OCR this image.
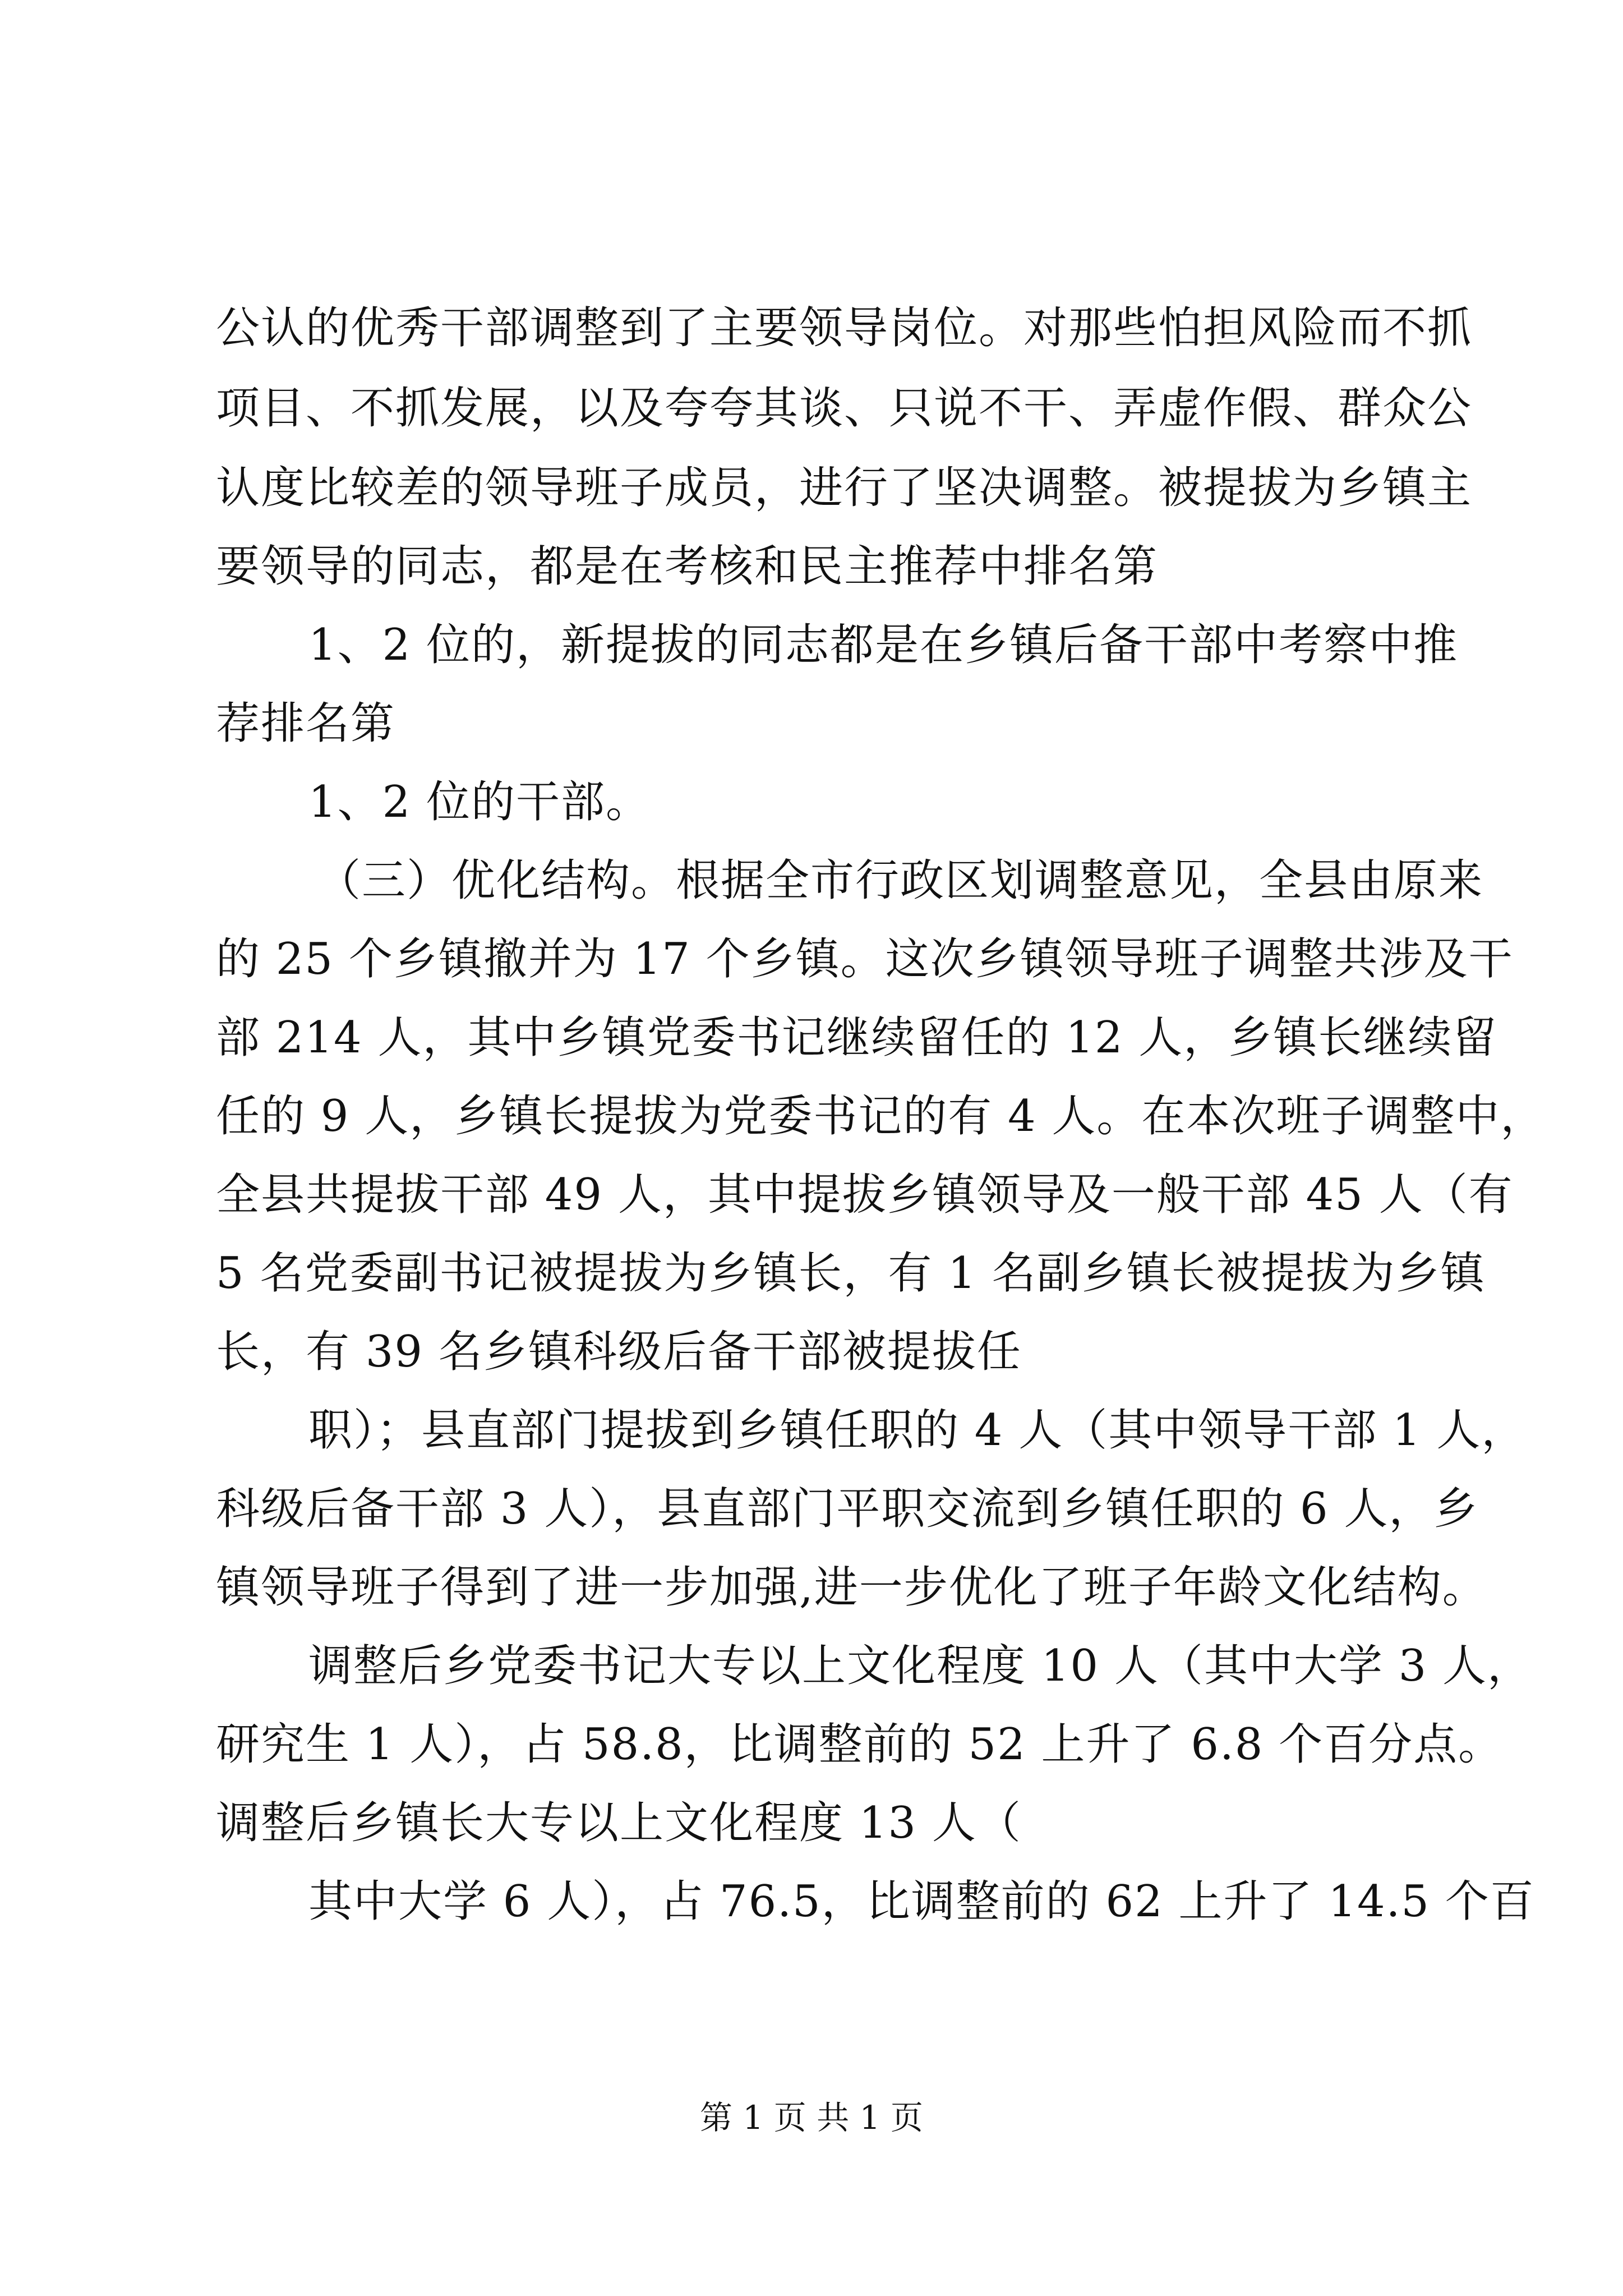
公认的优秀干部调整到了主要领导岗位。对那些怕担风险而不抓
项目、不抓发展，以及夸夸其谈、只说不干、弄虚作假、群众公
认度比较差的领导班子成员，进行了坚决调整。被提拔为乡镇主
要领导的同志，都是在考核和民主推荐中排名第
1、2 位的，新提拔的同志都是在乡镇后备干部中考察中推
荐排名第
1、2 位的干部。
（三）优化结构。根据全市行政区划调整意见，全县由原来
的 25 个乡镇撤并为 17 个乡镇。这次乡镇领导班子调整共涉及干
部 214 人，其中乡镇党委书记继续留任的 12 人，乡镇长继续留
任的 9 人，乡镇长提拔为党委书记的有 4 人。在本次班子调整中，
全县共提拔干部 49 人，其中提拔乡镇领导及一般干部 45 人（有
5 名党委副书记被提拔为乡镇长，有 1 名副乡镇长被提拔为乡镇
长，有 39 名乡镇科级后备干部被提拔任
职）；县直部门提拔到乡镇任职的 4 人（其中领导干部 1 人，
科级后备干部 3 人），县直部门平职交流到乡镇任职的 6 人，乡
镇领导班子得到了进一步加强,进一步优化了班子年龄文化结构。
调整后乡党委书记大专以上文化程度 10 人（其中大学 3 人，
研究生 1 人），占 58.8，比调整前的 52 上升了 6.8 个百分点。
调整后乡镇长大专以上文化程度 13 人（
其中大学 6 人），占 76.5，比调整前的 62 上升了 14.5 个百
第 1 页 共 1 页
